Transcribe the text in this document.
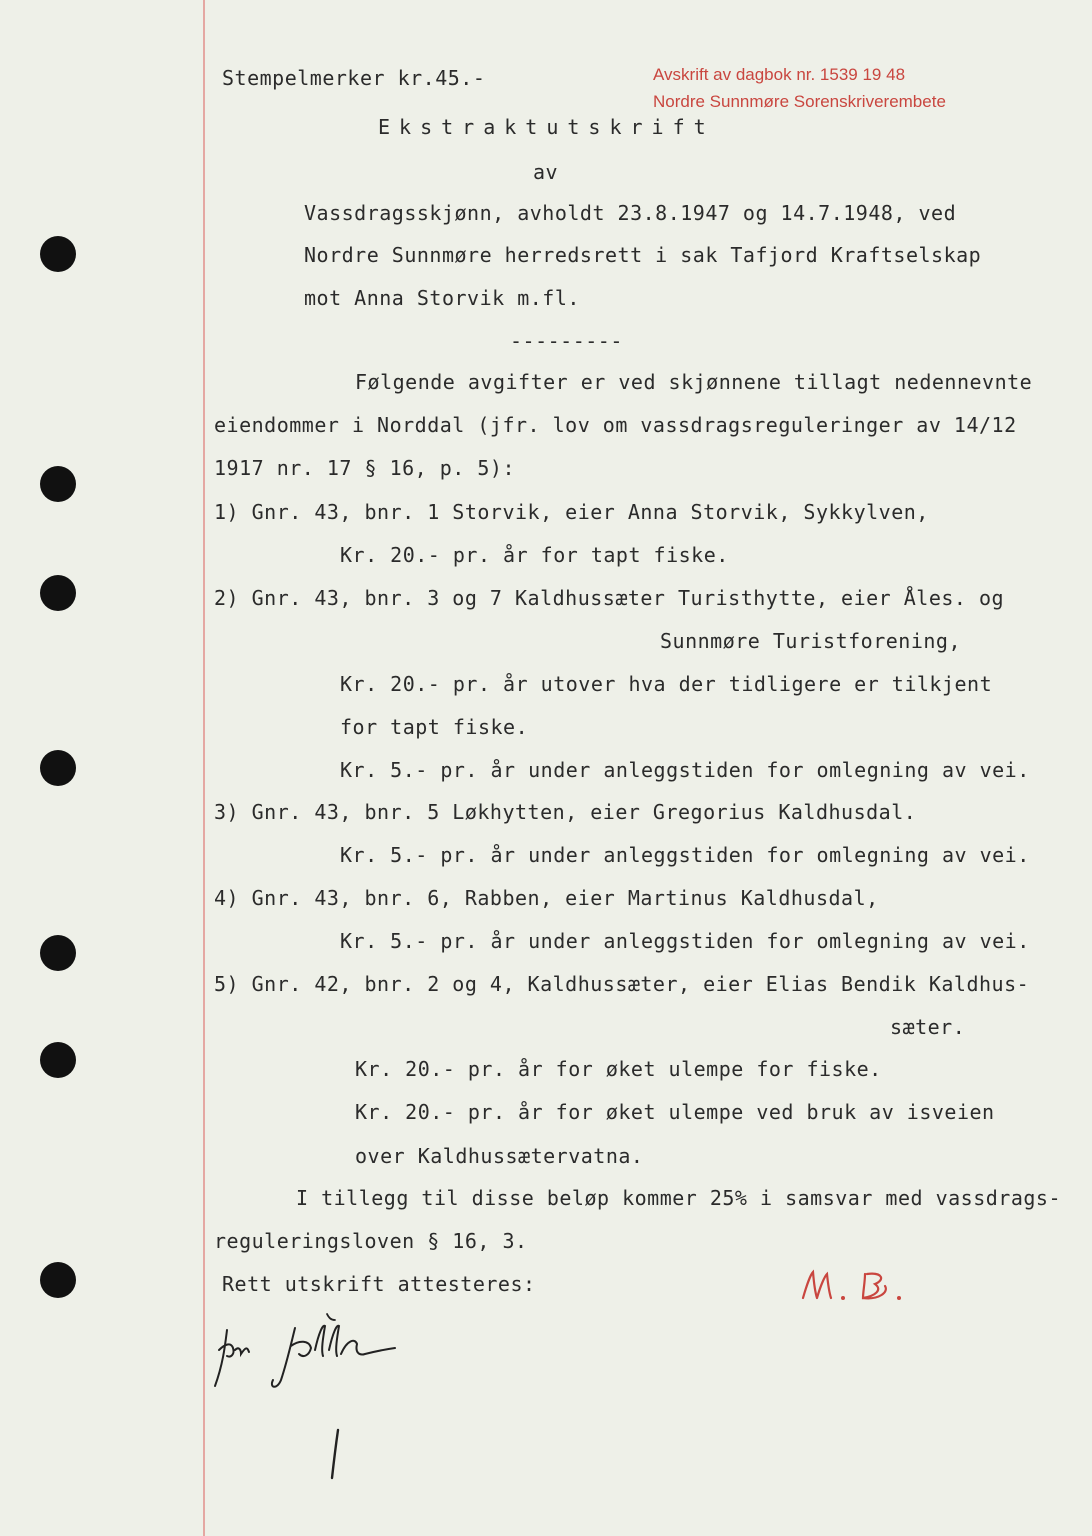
Stempelmerker kr.45.-	Avskrift av dagbok nr. 1539 19 48
Nordre Sunnmøre Sorenskriverembete
Ekstraktutskrift
av
Vassdragsskjønn, avholdt 23.8.1947 og 14.7.1948, ved
Nordre Sunnmøre herredsrett i sak Tafjord Kraftselskap
mot Anna Storvik m.fl.
---------
Følgende avgifter er ved skjønnene tillagt nedennevnte
eiendommer i Norddal (jfr. lov om vassdragsreguleringer av 14/12
1917 nr. 17 § 16, p. 5):
1) Gnr. 43, bnr. 1 Storvik, eier Anna Storvik, Sykkylven,
Kr. 20.- pr. år for tapt fiske.
2) Gnr. 43, bnr. 3 og 7 Kaldhussæter Turisthytte, eier Åles. og
Sunnmøre Turistforening,
Kr. 20.- pr. år utover hva der tidligere er tilkjent
for tapt fiske.
Kr. 5.- pr. år under anleggstiden for omlegning av vei.
3) Gnr. 43, bnr. 5 Løkhytten, eier Gregorius Kaldhusdal.
Kr. 5.- pr. år under anleggstiden for omlegning av vei.
4) Gnr. 43, bnr. 6, Rabben, eier Martinus Kaldhusdal,
Kr. 5.- pr. år under anleggstiden for omlegning av vei.
5) Gnr. 42, bnr. 2 og 4, Kaldhussæter, eier Elias Bendik Kaldhus-
sæter.
Kr. 20.- pr. år for øket ulempe for fiske.
Kr. 20.- pr. år for øket ulempe ved bruk av isveien
over Kaldhussætervatna.
I tillegg til disse beløp kommer 25% i samsvar med vassdrags-
reguleringsloven § 16, 3.
Rett utskrift attesteres:
